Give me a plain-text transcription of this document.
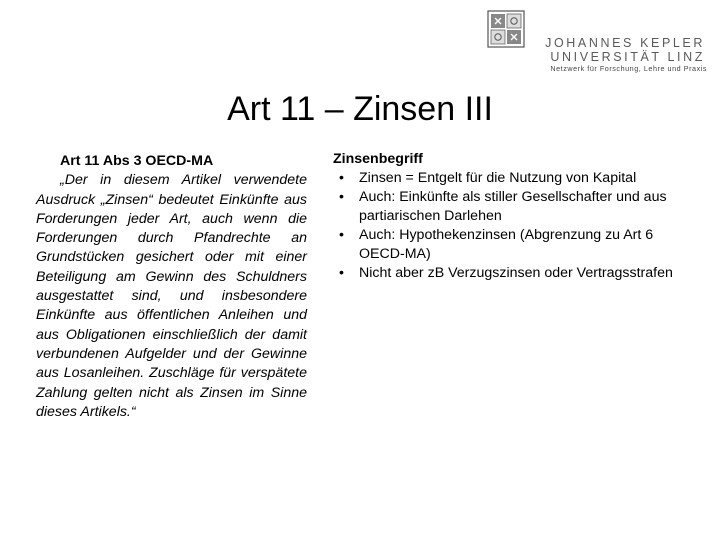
JOHANNES KEPLER
UNIVERSITÄT LINZ
Netzwerk für Forschung, Lehre und Praxis
Art 11 – Zinsen III
Art 11 Abs 3 OECD-MA

„Der in diesem Artikel verwendete Ausdruck „Zinsen“ bedeutet Einkünfte aus Forderungen jeder Art, auch wenn die Forderungen durch Pfandrechte an Grundstücken gesichert oder mit einer Beteiligung am Gewinn des Schuldners ausgestattet sind, und insbesondere Einkünfte aus öffentlichen Anleihen und aus Obligationen einschließlich der damit verbundenen Aufgelder und der Gewinne aus Losanleihen. Zuschläge für verspätete Zahlung gelten nicht als Zinsen im Sinne dieses Artikels.“

Zinsenbegriff
• Zinsen = Entgelt für die Nutzung von Kapital
• Auch: Einkünfte als stiller Gesellschafter und aus partiarischen Darlehen
• Auch: Hypothekenzinsen (Abgrenzung zu Art 6 OECD-MA)
• Nicht aber zB Verzugszinsen oder Vertragsstrafen
